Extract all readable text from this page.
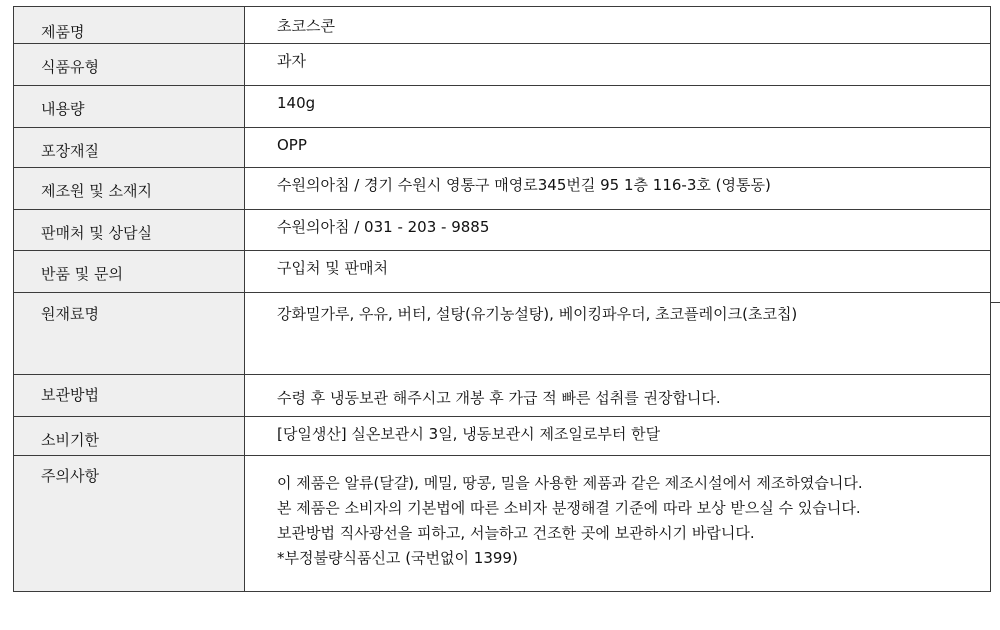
제품명	초코스콘
식품유형	과자
내용량	140g
포장재질	OPP
제조원 및 소재지	수원의아침 / 경기 수원시 영통구 매영로345번길 95 1층 116-3호 (영통동)
판매처 및 상담실	수원의아침 / 031 - 203 - 9885
반품 및 문의	구입처 및 판매처
원재료명	강화밀가루, 우유, 버터, 설탕(유기농설탕), 베이킹파우더, 초코플레이크(초코칩)
보관방법	수령 후 냉동보관 해주시고 개봉 후 가급 적 빠른 섭취를 권장합니다.
소비기한	[당일생산] 실온보관시 3일, 냉동보관시 제조일로부터 한달
주의사항	이 제품은 알류(달걀), 메밀, 땅콩, 밀을 사용한 제품과 같은 제조시설에서 제조하였습니다.
본 제품은 소비자의 기본법에 따른 소비자 분쟁해결 기준에 따라 보상 받으실 수 있습니다.
보관방법 직사광선을 피하고, 서늘하고 건조한 곳에 보관하시기 바랍니다.
*부정불량식품신고 (국번없이 1399)
